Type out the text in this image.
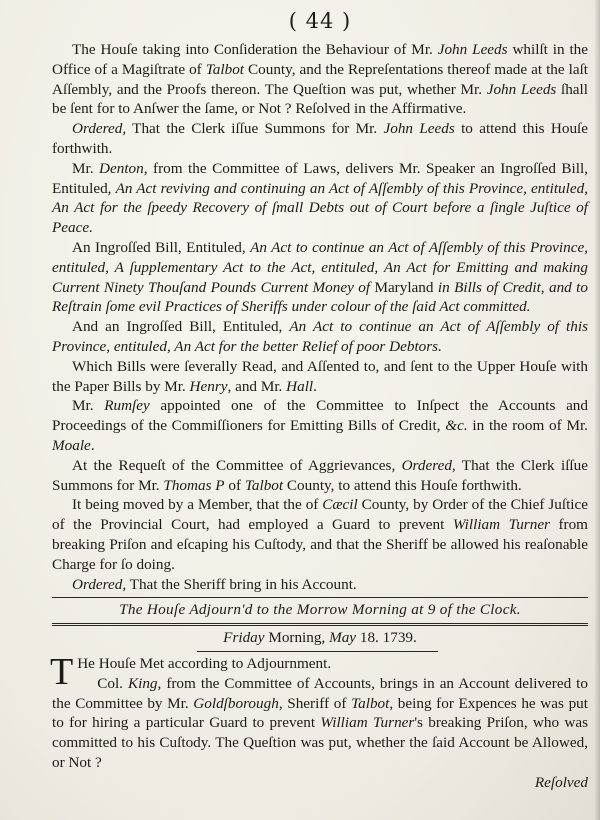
( 44 )

The Houſe taking into Conſideration the Behaviour of Mr. John Leeds whilſt in the Office of a Magiſtrate of Talbot County, and the Repreſentations thereof made at the laſt Aſſembly, and the Proofs thereon. The Queſtion was put, whether Mr. John Leeds ſhall be ſent for to Anſwer the ſame, or Not ? Reſolved in the Affirmative.

Ordered, That the Clerk iſſue Summons for Mr. John Leeds to attend this Houſe forthwith.

Mr. Denton, from the Committee of Laws, delivers Mr. Speaker an Ingroſſed Bill, Entituled, An Act reviving and continuing an Act of Aſſembly of this Province, entituled, An Act for the ſpeedy Recovery of ſmall Debts out of Court before a ſingle Juſtice of Peace.

An Ingroſſed Bill, Entituled, An Act to continue an Act of Aſſembly of this Province, entituled, A ſupplementary Act to the Act, entituled, An Act for Emitting and making Current Ninety Thouſand Pounds Current Money of Maryland in Bills of Credit, and to Reſtrain ſome evil Practices of Sheriffs under colour of the ſaid Act committed.

And an Ingroſſed Bill, Entituled, An Act to continue an Act of Aſſembly of this Province, entituled, An Act for the better Relief of poor Debtors.

Which Bills were ſeverally Read, and Aſſented to, and ſent to the Upper Houſe with the Paper Bills by Mr. Henry, and Mr. Hall.

Mr. Rumſey appointed one of the Committee to Inſpect the Accounts and Proceedings of the Commiſſioners for Emitting Bills of Credit, &c. in the room of Mr. Moale.

At the Requeſt of the Committee of Aggrievances, Ordered, That the Clerk iſſue Summons for Mr. Thomas P of Talbot County, to attend this Houſe forthwith.

It being moved by a Member, that the of Cæcil County, by Order of the Chief Juſtice of the Provincial Court, had employed a Guard to prevent William Turner from breaking Priſon and eſcaping his Cuſtody, and that the Sheriff be allowed his reaſonable Charge for ſo doing.

Ordered, That the Sheriff bring in his Account.

The Houſe Adjourn'd to the Morrow Morning at 9 of the Clock.

Friday Morning, May 18. 1739.

T He Houſe Met according to Adjournment.

Col. King, from the Committee of Accounts, brings in an Account delivered to the Committee by Mr. Goldſborough, Sheriff of Talbot, being for Expences he was put to for hiring a particular Guard to prevent William Turner's breaking Priſon, who was committed to his Cuſtody. The Queſtion was put, whether the ſaid Account be Allowed, or Not ?

Reſolved
